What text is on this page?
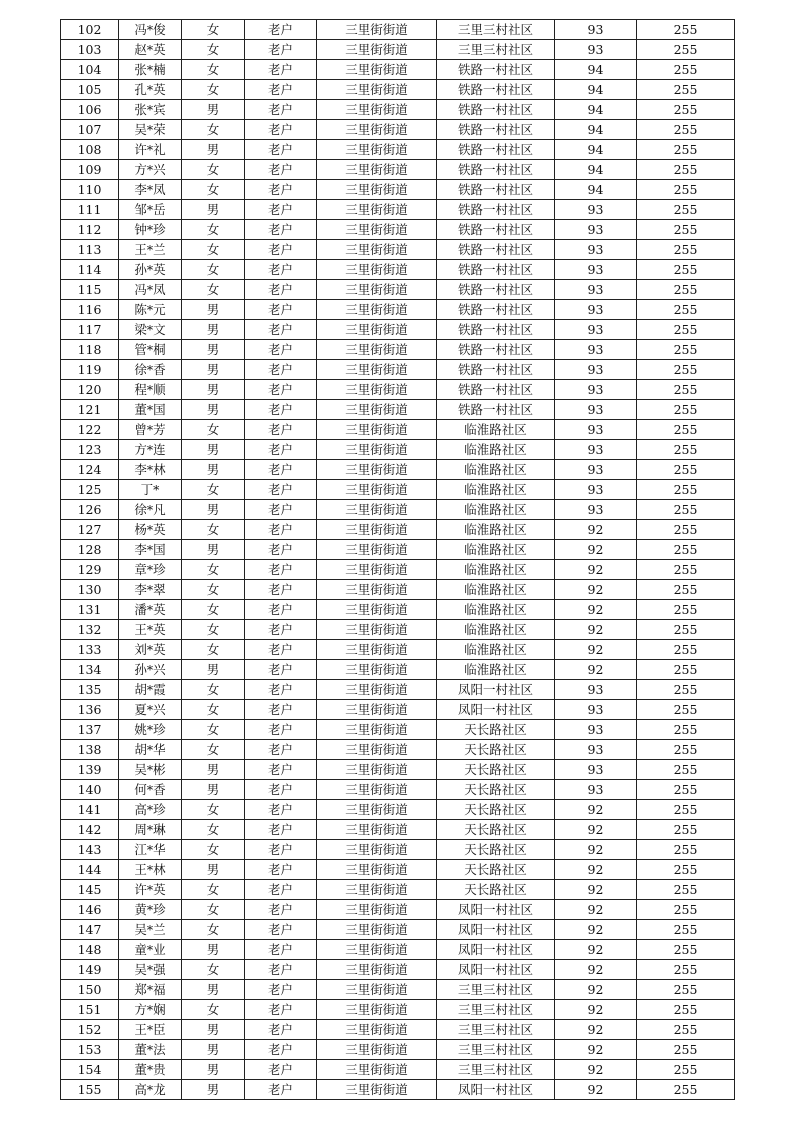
102	冯*俊	女	老户	三里街街道	三里三村社区	93	255
103	赵*英	女	老户	三里街街道	三里三村社区	93	255
104	张*楠	女	老户	三里街街道	铁路一村社区	94	255
105	孔*英	女	老户	三里街街道	铁路一村社区	94	255
106	张*宾	男	老户	三里街街道	铁路一村社区	94	255
107	吴*荣	女	老户	三里街街道	铁路一村社区	94	255
108	许*礼	男	老户	三里街街道	铁路一村社区	94	255
109	方*兴	女	老户	三里街街道	铁路一村社区	94	255
110	李*凤	女	老户	三里街街道	铁路一村社区	94	255
111	邹*岳	男	老户	三里街街道	铁路一村社区	93	255
112	钟*珍	女	老户	三里街街道	铁路一村社区	93	255
113	王*兰	女	老户	三里街街道	铁路一村社区	93	255
114	孙*英	女	老户	三里街街道	铁路一村社区	93	255
115	冯*凤	女	老户	三里街街道	铁路一村社区	93	255
116	陈*元	男	老户	三里街街道	铁路一村社区	93	255
117	梁*文	男	老户	三里街街道	铁路一村社区	93	255
118	管*桐	男	老户	三里街街道	铁路一村社区	93	255
119	徐*香	男	老户	三里街街道	铁路一村社区	93	255
120	程*顺	男	老户	三里街街道	铁路一村社区	93	255
121	董*国	男	老户	三里街街道	铁路一村社区	93	255
122	曾*芳	女	老户	三里街街道	临淮路社区	93	255
123	方*连	男	老户	三里街街道	临淮路社区	93	255
124	李*林	男	老户	三里街街道	临淮路社区	93	255
125	丁*	女	老户	三里街街道	临淮路社区	93	255
126	徐*凡	男	老户	三里街街道	临淮路社区	93	255
127	杨*英	女	老户	三里街街道	临淮路社区	92	255
128	李*国	男	老户	三里街街道	临淮路社区	92	255
129	章*珍	女	老户	三里街街道	临淮路社区	92	255
130	李*翠	女	老户	三里街街道	临淮路社区	92	255
131	潘*英	女	老户	三里街街道	临淮路社区	92	255
132	王*英	女	老户	三里街街道	临淮路社区	92	255
133	刘*英	女	老户	三里街街道	临淮路社区	92	255
134	孙*兴	男	老户	三里街街道	临淮路社区	92	255
135	胡*霞	女	老户	三里街街道	凤阳一村社区	93	255
136	夏*兴	女	老户	三里街街道	凤阳一村社区	93	255
137	姚*珍	女	老户	三里街街道	天长路社区	93	255
138	胡*华	女	老户	三里街街道	天长路社区	93	255
139	吴*彬	男	老户	三里街街道	天长路社区	93	255
140	何*香	男	老户	三里街街道	天长路社区	93	255
141	高*珍	女	老户	三里街街道	天长路社区	92	255
142	周*琳	女	老户	三里街街道	天长路社区	92	255
143	江*华	女	老户	三里街街道	天长路社区	92	255
144	王*林	男	老户	三里街街道	天长路社区	92	255
145	许*英	女	老户	三里街街道	天长路社区	92	255
146	黄*珍	女	老户	三里街街道	凤阳一村社区	92	255
147	吴*兰	女	老户	三里街街道	凤阳一村社区	92	255
148	童*业	男	老户	三里街街道	凤阳一村社区	92	255
149	吴*强	女	老户	三里街街道	凤阳一村社区	92	255
150	郑*福	男	老户	三里街街道	三里三村社区	92	255
151	方*娴	女	老户	三里街街道	三里三村社区	92	255
152	王*臣	男	老户	三里街街道	三里三村社区	92	255
153	董*法	男	老户	三里街街道	三里三村社区	92	255
154	董*贵	男	老户	三里街街道	三里三村社区	92	255
155	高*龙	男	老户	三里街街道	凤阳一村社区	92	255
